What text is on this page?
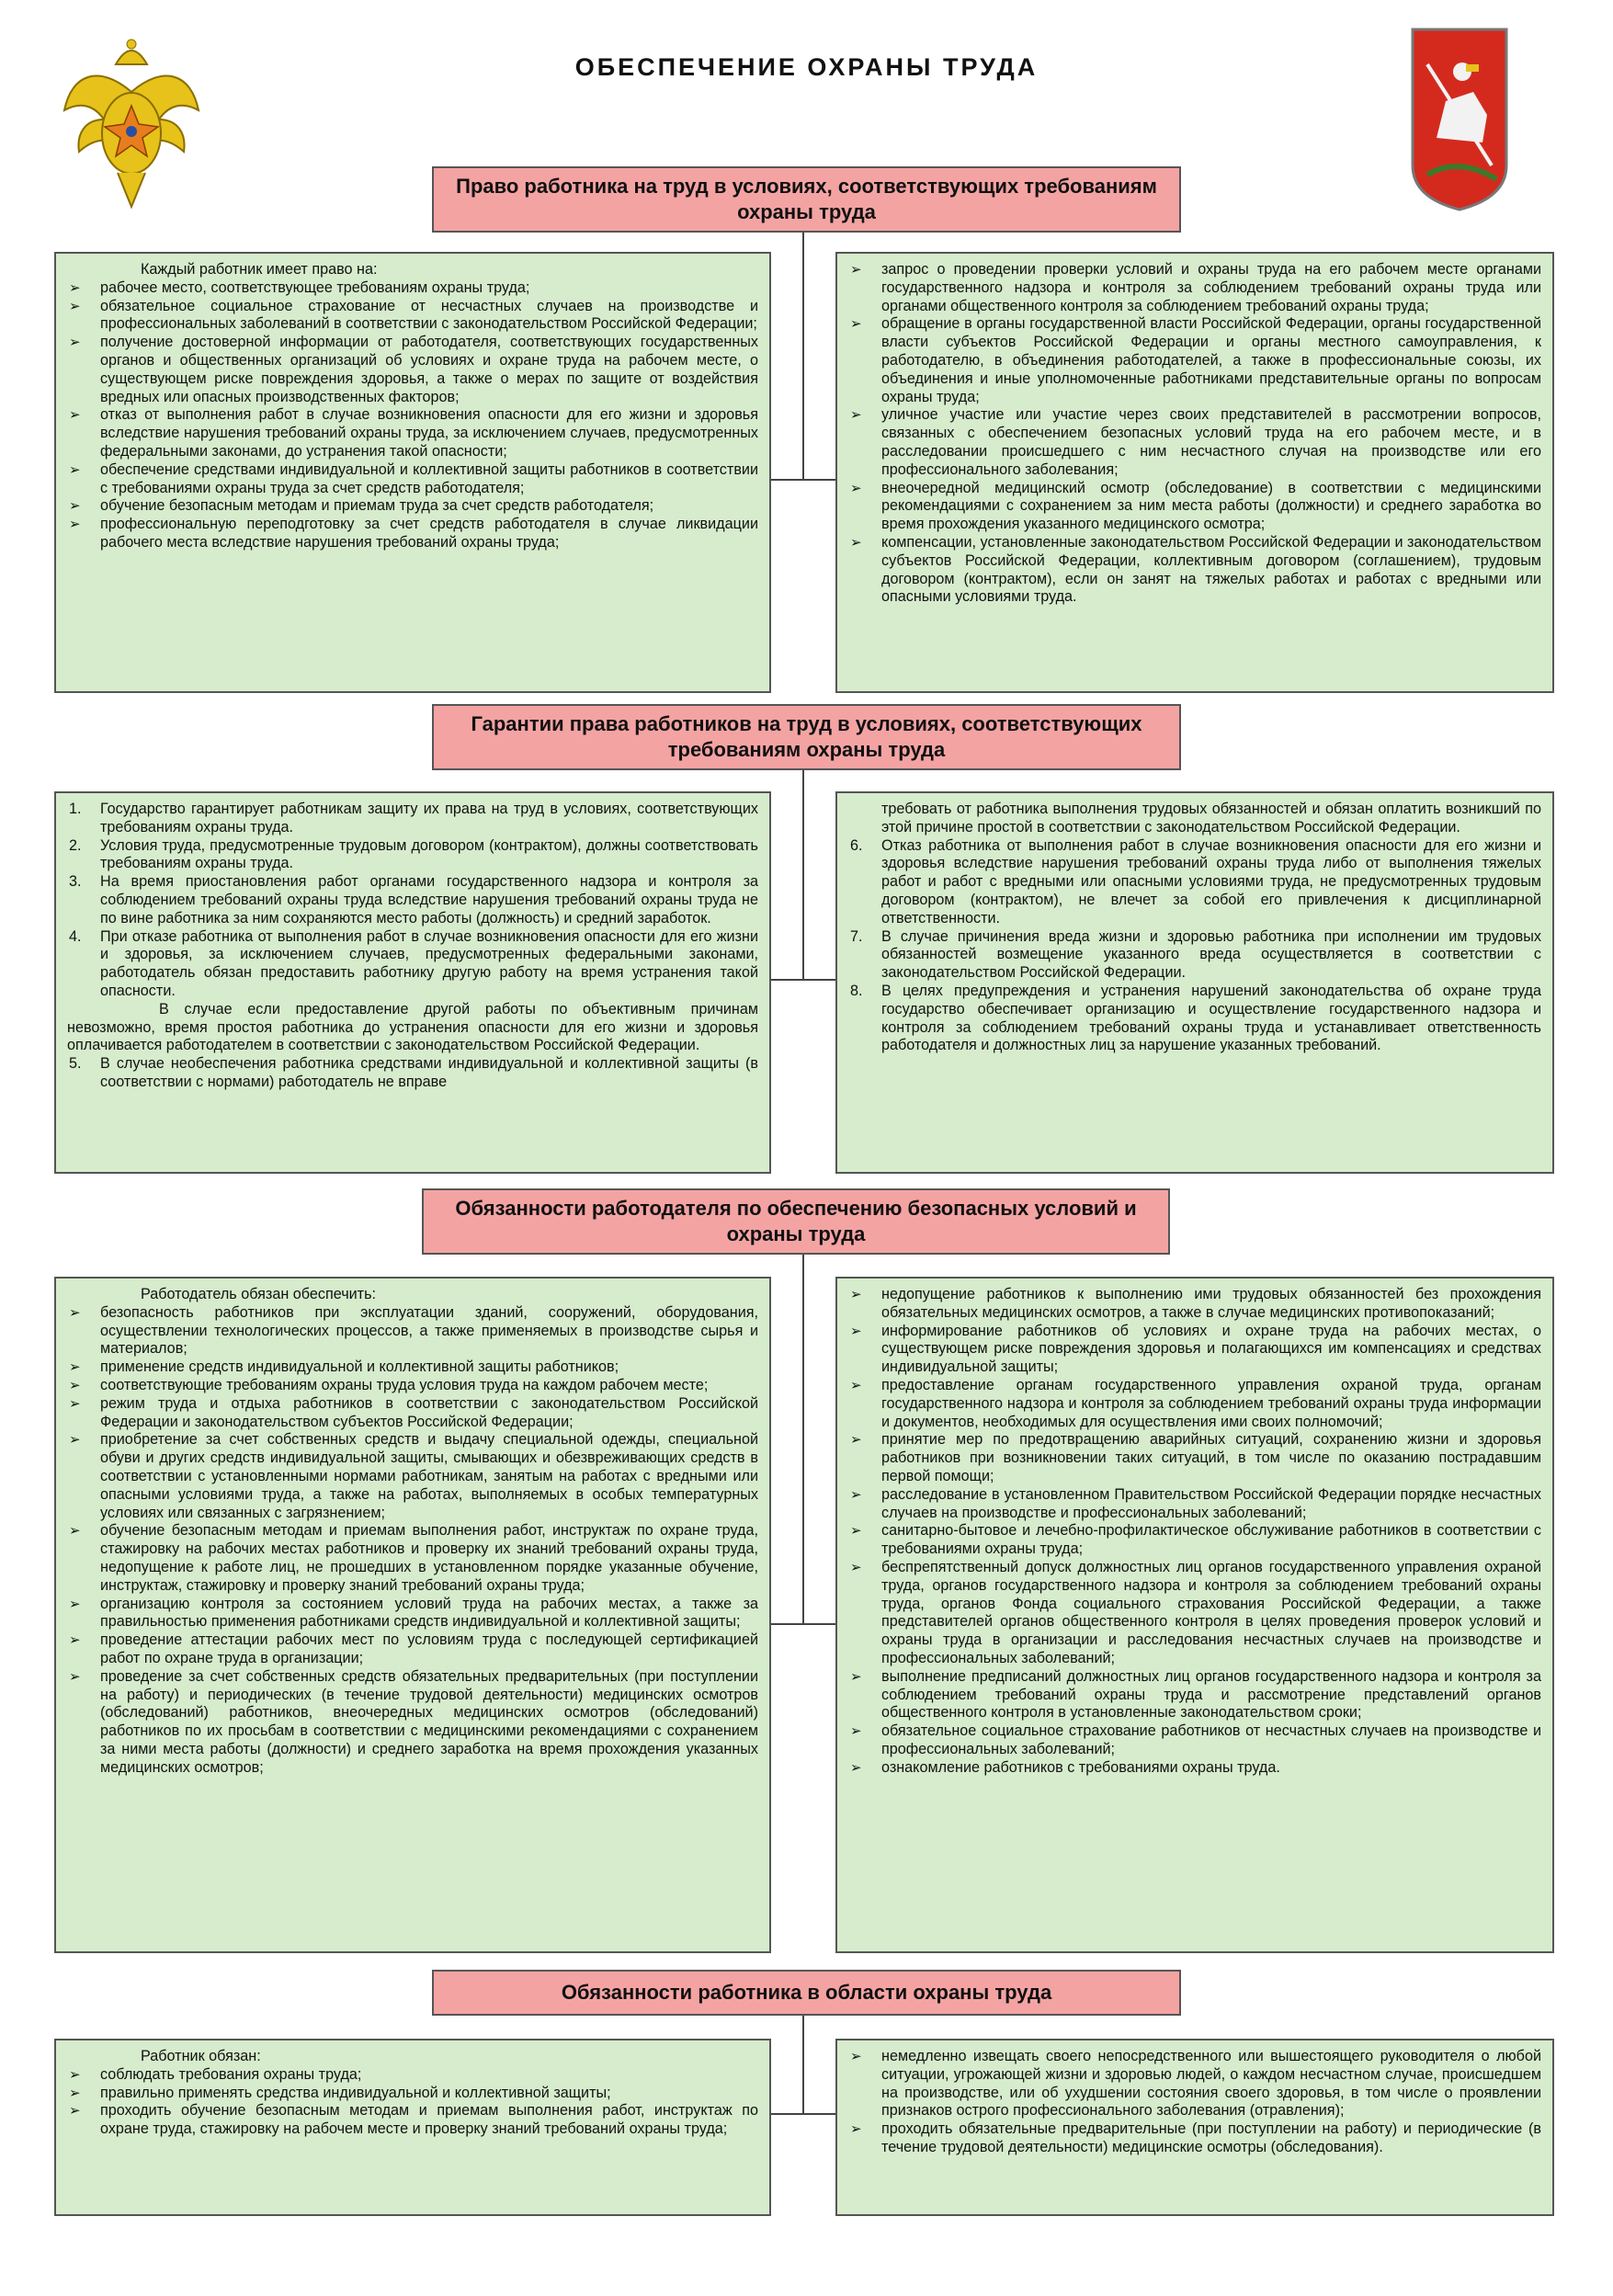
ОБЕСПЕЧЕНИЕ ОХРАНЫ ТРУДА
Право работника на труд в условиях, соответствующих требованиям охраны труда
Каждый работник имеет право на:
➢ рабочее место, соответствующее требованиям охраны труда;
➢ обязательное социальное страхование от несчастных случаев на производстве и профессиональных заболеваний в соответствии с законодательством Российской Федерации;
➢ получение достоверной информации от работодателя, соответствующих государственных органов и общественных организаций об условиях и охране труда на рабочем месте, о существующем риске повреждения здоровья, а также о мерах по защите от воздействия вредных или опасных производственных факторов;
➢ отказ от выполнения работ в случае возникновения опасности для его жизни и здоровья вследствие нарушения требований охраны труда, за исключением случаев, предусмотренных федеральными законами, до устранения такой опасности;
➢ обеспечение средствами индивидуальной и коллективной защиты работников в соответствии с требованиями охраны труда за счет средств работодателя;
➢ обучение безопасным методам и приемам труда за счет средств работодателя;
➢ профессиональную переподготовку за счет средств работодателя в случае ликвидации рабочего места вследствие нарушения требований охраны труда;
➢ запрос о проведении проверки условий и охраны труда на его рабочем месте органами государственного надзора и контроля за соблюдением требований охраны труда или органами общественного контроля за соблюдением требований охраны труда;
➢ обращение в органы государственной власти Российской Федерации, органы государственной власти субъектов Российской Федерации и органы местного самоуправления, к работодателю, в объединения работодателей, а также в профессиональные союзы, их объединения и иные уполномоченные работниками представительные органы по вопросам охраны труда;
➢ уличное участие или участие через своих представителей в рассмотрении вопросов, связанных с обеспечением безопасных условий труда на его рабочем месте, и в расследовании происшедшего с ним несчастного случая на производстве или его профессионального заболевания;
➢ внеочередной медицинский осмотр (обследование) в соответствии с медицинскими рекомендациями с сохранением за ним места работы (должности) и среднего заработка во время прохождения указанного медицинского осмотра;
➢ компенсации, установленные законодательством Российской Федерации и законодательством субъектов Российской Федерации, коллективным договором (соглашением), трудовым договором (контрактом), если он занят на тяжелых работах и работах с вредными или опасными условиями труда.
Гарантии права работников на труд в условиях, соответствующих требованиям охраны труда
1. Государство гарантирует работникам защиту их права на труд в условиях, соответствующих требованиям охраны труда.
2. Условия труда, предусмотренные трудовым договором (контрактом), должны соответствовать требованиям охраны труда.
3. На время приостановления работ органами государственного надзора и контроля за соблюдением требований охраны труда вследствие нарушения требований охраны труда не по вине работника за ним сохраняются место работы (должность) и средний заработок.
4. При отказе работника от выполнения работ в случае возникновения опасности для его жизни и здоровья, за исключением случаев, предусмотренных федеральными законами, работодатель обязан предоставить работнику другую работу на время устранения такой опасности.
В случае если предоставление другой работы по объективным причинам невозможно, время простоя работника до устранения опасности для его жизни и здоровья оплачивается работодателем в соответствии с законодательством Российской Федерации.
5. В случае необеспечения работника средствами индивидуальной и коллективной защиты (в соответствии с нормами) работодатель не вправе
требовать от работника выполнения трудовых обязанностей и обязан оплатить возникший по этой причине простой в соответствии с законодательством Российской Федерации.
6. Отказ работника от выполнения работ в случае возникновения опасности для его жизни и здоровья вследствие нарушения требований охраны труда либо от выполнения тяжелых работ и работ с вредными или опасными условиями труда, не предусмотренных трудовым договором (контрактом), не влечет за собой его привлечения к дисциплинарной ответственности.
7. В случае причинения вреда жизни и здоровью работника при исполнении им трудовых обязанностей возмещение указанного вреда осуществляется в соответствии с законодательством Российской Федерации.
8. В целях предупреждения и устранения нарушений законодательства об охране труда государство обеспечивает организацию и осуществление государственного надзора и контроля за соблюдением требований охраны труда и устанавливает ответственность работодателя и должностных лиц за нарушение указанных требований.
Обязанности работодателя по обеспечению безопасных условий и охраны труда
Работодатель обязан обеспечить:
➢ безопасность работников при эксплуатации зданий, сооружений, оборудования, осуществлении технологических процессов, а также применяемых в производстве сырья и материалов;
➢ применение средств индивидуальной и коллективной защиты работников;
➢ соответствующие требованиям охраны труда условия труда на каждом рабочем месте;
➢ режим труда и отдыха работников в соответствии с законодательством Российской Федерации и законодательством субъектов Российской Федерации;
➢ приобретение за счет собственных средств и выдачу специальной одежды, специальной обуви и других средств индивидуальной защиты, смывающих и обезвреживающих средств в соответствии с установленными нормами работникам, занятым на работах с вредными или опасными условиями труда, а также на работах, выполняемых в особых температурных условиях или связанных с загрязнением;
➢ обучение безопасным методам и приемам выполнения работ, инструктаж по охране труда, стажировку на рабочих местах работников и проверку их знаний требований охраны труда, недопущение к работе лиц, не прошедших в установленном порядке указанные обучение, инструктаж, стажировку и проверку знаний требований охраны труда;
➢ организацию контроля за состоянием условий труда на рабочих местах, а также за правильностью применения работниками средств индивидуальной и коллективной защиты;
➢ проведение аттестации рабочих мест по условиям труда с последующей сертификацией работ по охране труда в организации;
➢ проведение за счет собственных средств обязательных предварительных (при поступлении на работу) и периодических (в течение трудовой деятельности) медицинских осмотров (обследований) работников, внеочередных медицинских осмотров (обследований) работников по их просьбам в соответствии с медицинскими рекомендациями с сохранением за ними места работы (должности) и среднего заработка на время прохождения указанных медицинских осмотров;
➢ недопущение работников к выполнению ими трудовых обязанностей без прохождения обязательных медицинских осмотров, а также в случае медицинских противопоказаний;
➢ информирование работников об условиях и охране труда на рабочих местах, о существующем риске повреждения здоровья и полагающихся им компенсациях и средствах индивидуальной защиты;
➢ предоставление органам государственного управления охраной труда, органам государственного надзора и контроля за соблюдением требований охраны труда информации и документов, необходимых для осуществления ими своих полномочий;
➢ принятие мер по предотвращению аварийных ситуаций, сохранению жизни и здоровья работников при возникновении таких ситуаций, в том числе по оказанию пострадавшим первой помощи;
➢ расследование в установленном Правительством Российской Федерации порядке несчастных случаев на производстве и профессиональных заболеваний;
➢ санитарно-бытовое и лечебно-профилактическое обслуживание работников в соответствии с требованиями охраны труда;
➢ беспрепятственный допуск должностных лиц органов государственного управления охраной труда, органов государственного надзора и контроля за соблюдением требований охраны труда, органов Фонда социального страхования Российской Федерации, а также представителей органов общественного контроля в целях проведения проверок условий и охраны труда в организации и расследования несчастных случаев на производстве и профессиональных заболеваний;
➢ выполнение предписаний должностных лиц органов государственного надзора и контроля за соблюдением требований охраны труда и рассмотрение представлений органов общественного контроля в установленные законодательством сроки;
➢ обязательное социальное страхование работников от несчастных случаев на производстве и профессиональных заболеваний;
➢ ознакомление работников с требованиями охраны труда.
Обязанности работника в области охраны труда
Работник обязан:
➢ соблюдать требования охраны труда;
➢ правильно применять средства индивидуальной и коллективной защиты;
➢ проходить обучение безопасным методам и приемам выполнения работ, инструктаж по охране труда, стажировку на рабочем месте и проверку знаний требований охраны труда;
➢ немедленно извещать своего непосредственного или вышестоящего руководителя о любой ситуации, угрожающей жизни и здоровью людей, о каждом несчастном случае, происшедшем на производстве, или об ухудшении состояния своего здоровья, в том числе о проявлении признаков острого профессионального заболевания (отравления);
➢ проходить обязательные предварительные (при поступлении на работу) и периодические (в течение трудовой деятельности) медицинские осмотры (обследования).
